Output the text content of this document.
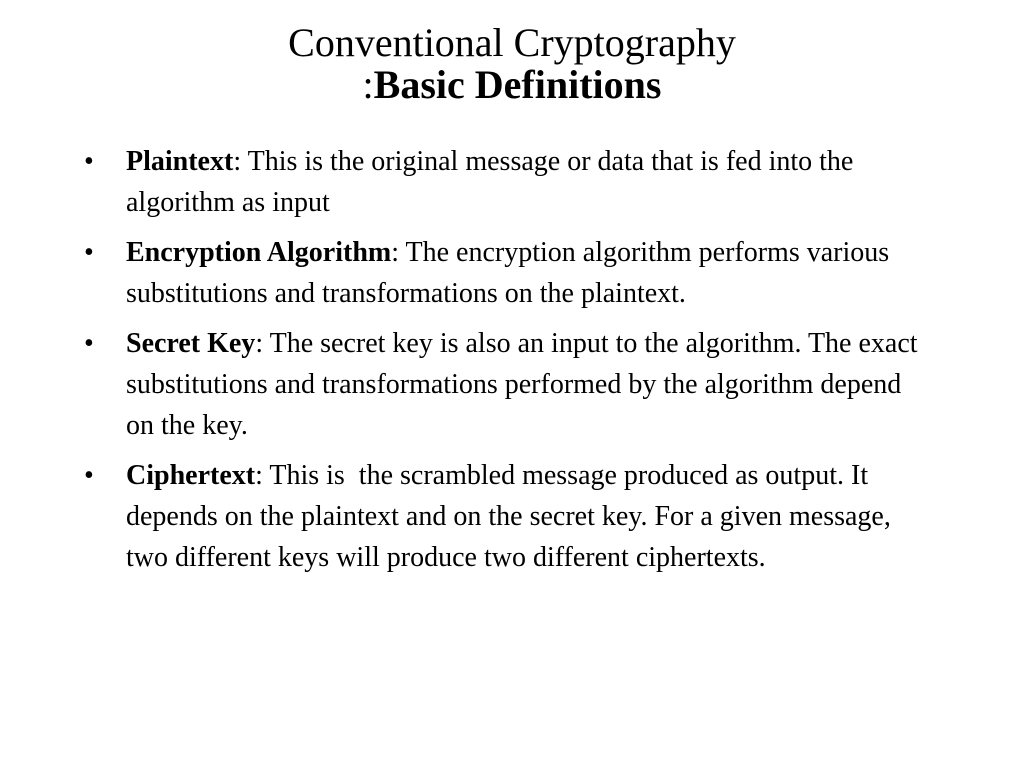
Conventional Cryptography
:Basic Definitions
•	Plaintext: This is the original message or data that is fed into the algorithm as input
•	Encryption Algorithm: The encryption algorithm performs various substitutions and transformations on the plaintext.
•	Secret Key: The secret key is also an input to the algorithm. The exact substitutions and transformations performed by the algorithm depend on the key.
•	Ciphertext: This is  the scrambled message produced as output. It depends on the plaintext and on the secret key. For a given message, two different keys will produce two different ciphertexts.
